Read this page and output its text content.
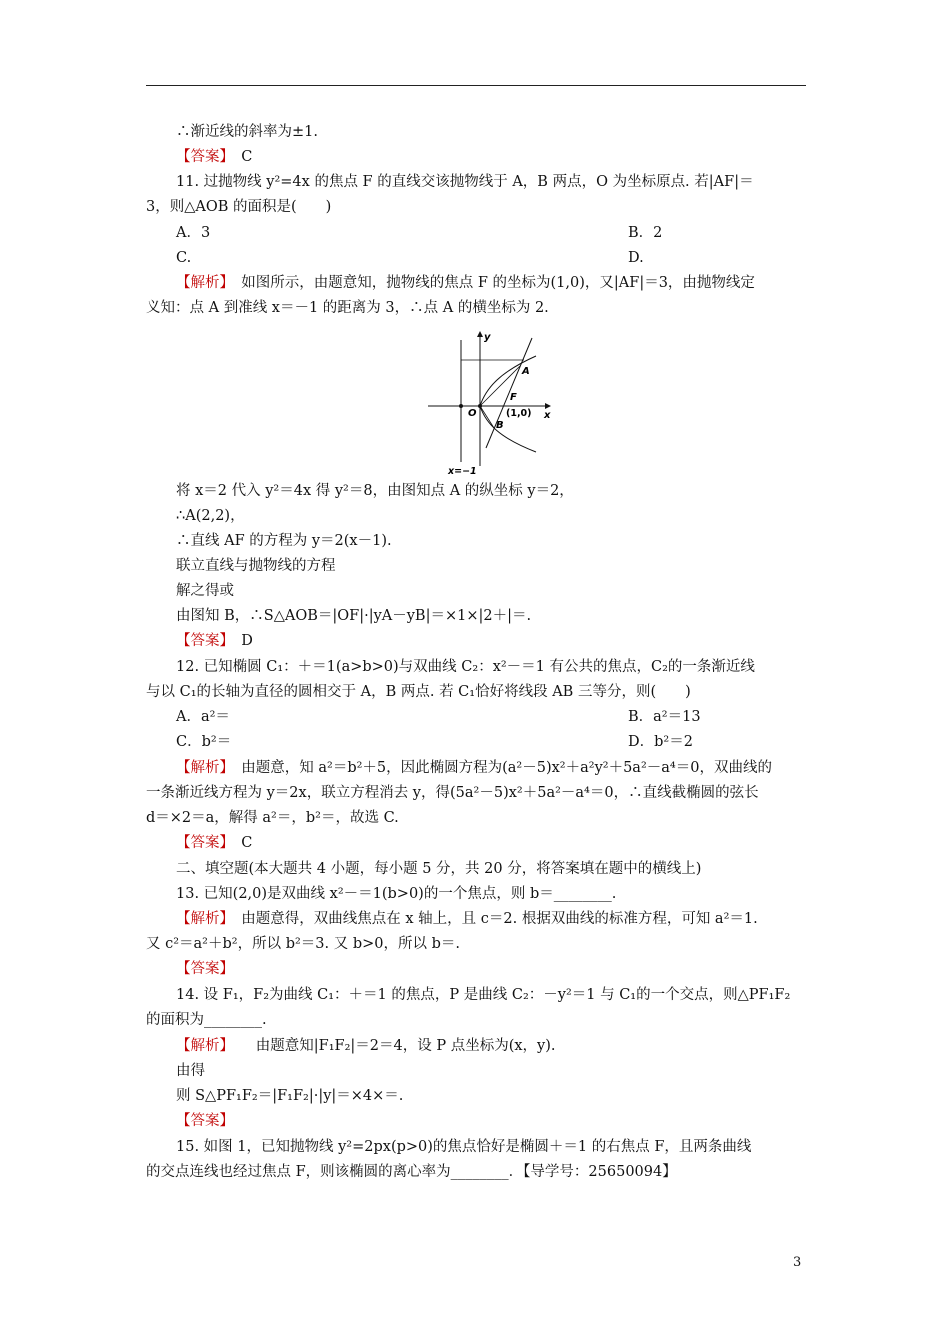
∴渐近线的斜率为±1.
【答案】　 C
11. 过抛物线 y²=4x 的焦点 F 的直线交该抛物线于 A，B 两点，O 为坐标原点. 若|AF|＝
3，则△AOB 的面积是(　　)
A．3	B．2
C.	D.
【解析】　如图所示，由题意知，抛物线的焦点 F 的坐标为(1,0)，又|AF|＝3，由抛物线定
义知：点 A 到准线 x＝－1 的距离为 3，∴点 A 的横坐标为 2.
y
x
O
A
F
(1,0)
B
x=−1
将 x＝2 代入 y²＝4x 得 y²＝8，由图知点 A 的纵坐标 y＝2，
∴A(2,2)，
∴直线 AF 的方程为 y＝2(x－1).
联立直线与抛物线的方程
解之得或
由图知 B，∴S△AOB＝|OF|·|yA－yB|＝×1×|2＋|＝.
【答案】　 D
12. 已知椭圆 C₁：＋＝1(a>b>0)与双曲线 C₂：x²－＝1 有公共的焦点，C₂的一条渐近线
与以 C₁的长轴为直径的圆相交于 A，B 两点. 若 C₁恰好将线段 AB 三等分，则(　　)
A．a²＝	B．a²＝13
C．b²＝	D．b²＝2
【解析】　由题意，知 a²＝b²＋5，因此椭圆方程为(a²－5)x²＋a²y²＋5a²－a⁴＝0，双曲线的
一条渐近线方程为 y＝2x，联立方程消去 y，得(5a²－5)x²＋5a²－a⁴＝0，∴直线截椭圆的弦长
d＝×2＝a，解得 a²＝，b²＝，故选 C.
【答案】　 C
二、填空题(本大题共 4 小题，每小题 5 分，共 20 分，将答案填在题中的横线上)
13. 已知(2,0)是双曲线 x²－＝1(b>0)的一个焦点，则 b＝________.
【解析】　由题意得，双曲线焦点在 x 轴上，且 c＝2. 根据双曲线的标准方程，可知 a²＝1.
又 c²＝a²＋b²，所以 b²＝3. 又 b>0，所以 b＝.
【答案】
14. 设 F₁，F₂为曲线 C₁：＋＝1 的焦点，P 是曲线 C₂：－y²＝1 与 C₁的一个交点，则△PF₁F₂
的面积为________.
【解析】　　由题意知|F₁F₂|＝2＝4，设 P 点坐标为(x，y).
由得
则 S△PF₁F₂＝|F₁F₂|·|y|＝×4×＝.
【答案】
15. 如图 1，已知抛物线 y²=2px(p>0)的焦点恰好是椭圆＋＝1 的右焦点 F，且两条曲线
的交点连线也经过焦点 F，则该椭圆的离心率为________．【导学号：25650094】
3
